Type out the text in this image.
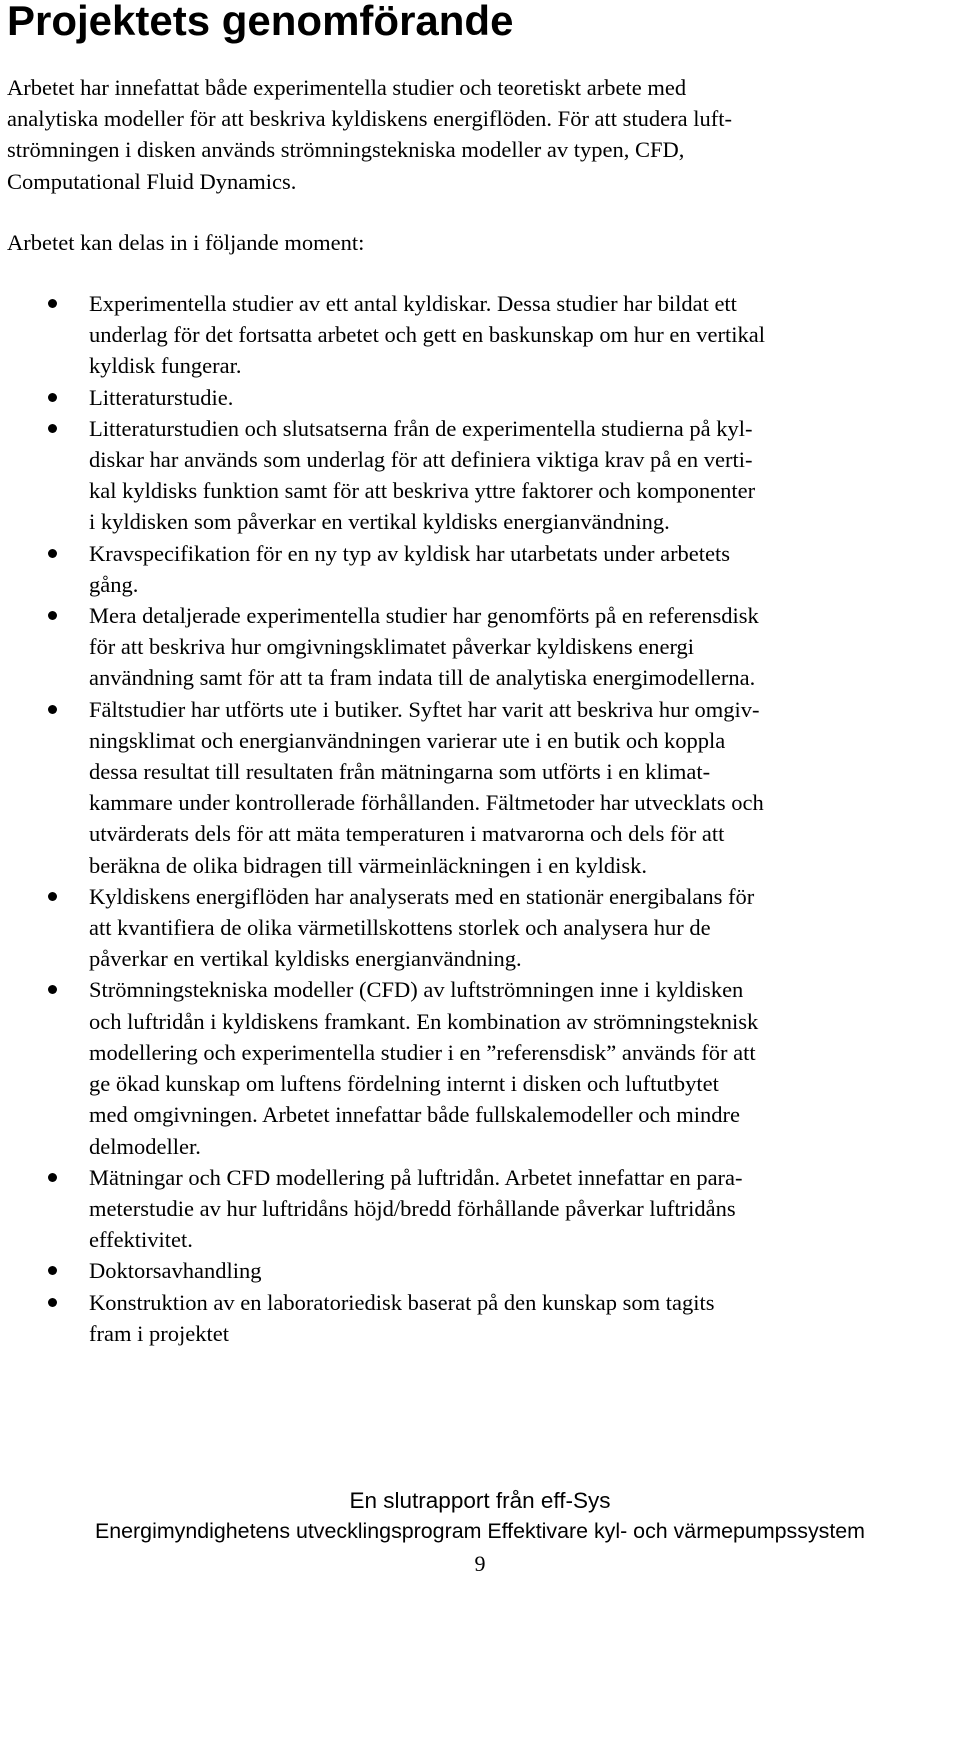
Projektets genomförande

Arbetet har innefattat både experimentella studier och teoretiskt arbete med
analytiska modeller för att beskriva kyldiskens energiflöden. För att studera luft-
strömningen i disken används strömningstekniska modeller av typen, CFD,
Computational Fluid Dynamics.

Arbetet kan delas in i följande moment:

Experimentella studier av ett antal kyldiskar. Dessa studier har bildat ett
underlag för det fortsatta arbetet och gett en baskunskap om hur en vertikal
kyldisk fungerar.
Litteraturstudie.
Litteraturstudien och slutsatserna från de experimentella studierna på kyl-
diskar har används som underlag för att definiera viktiga krav på en verti-
kal kyldisks funktion samt för att beskriva yttre faktorer och komponenter
i kyldisken som påverkar en vertikal kyldisks energianvändning.
Kravspecifikation för en ny typ av kyldisk har utarbetats under arbetets
gång.
Mera detaljerade experimentella studier har genomförts på en referensdisk
för att beskriva hur omgivningsklimatet påverkar kyldiskens energi
användning samt för att ta fram indata till de analytiska energimodellerna.
Fältstudier har utförts ute i butiker. Syftet har varit att beskriva hur omgiv-
ningsklimat och energianvändningen varierar ute i en butik och koppla
dessa resultat till resultaten från mätningarna som utförts i en klimat-
kammare under kontrollerade förhållanden. Fältmetoder har utvecklats och
utvärderats dels för att mäta temperaturen i matvarorna och dels för att
beräkna de olika bidragen till värmeinläckningen i en kyldisk.
Kyldiskens energiflöden har analyserats med en stationär energibalans för
att kvantifiera de olika värmetillskottens storlek och analysera hur de
påverkar en vertikal kyldisks energianvändning.
Strömningstekniska modeller (CFD) av luftströmningen inne i kyldisken
och luftridån i kyldiskens framkant. En kombination av strömningsteknisk
modellering och experimentella studier i en ”referensdisk” används för att
ge ökad kunskap om luftens fördelning internt i disken och luftutbytet
med omgivningen. Arbetet innefattar både fullskalemodeller och mindre
delmodeller.
Mätningar och CFD modellering på luftridån. Arbetet innefattar en para-
meterstudie av hur luftridåns höjd/bredd förhållande påverkar luftridåns
effektivitet.
Doktorsavhandling
Konstruktion av en laboratoriedisk baserat på den kunskap som tagits
fram i projektet

En slutrapport från eff-Sys

Energimyndighetens utvecklingsprogram Effektivare kyl- och värmepumpssystem

9
